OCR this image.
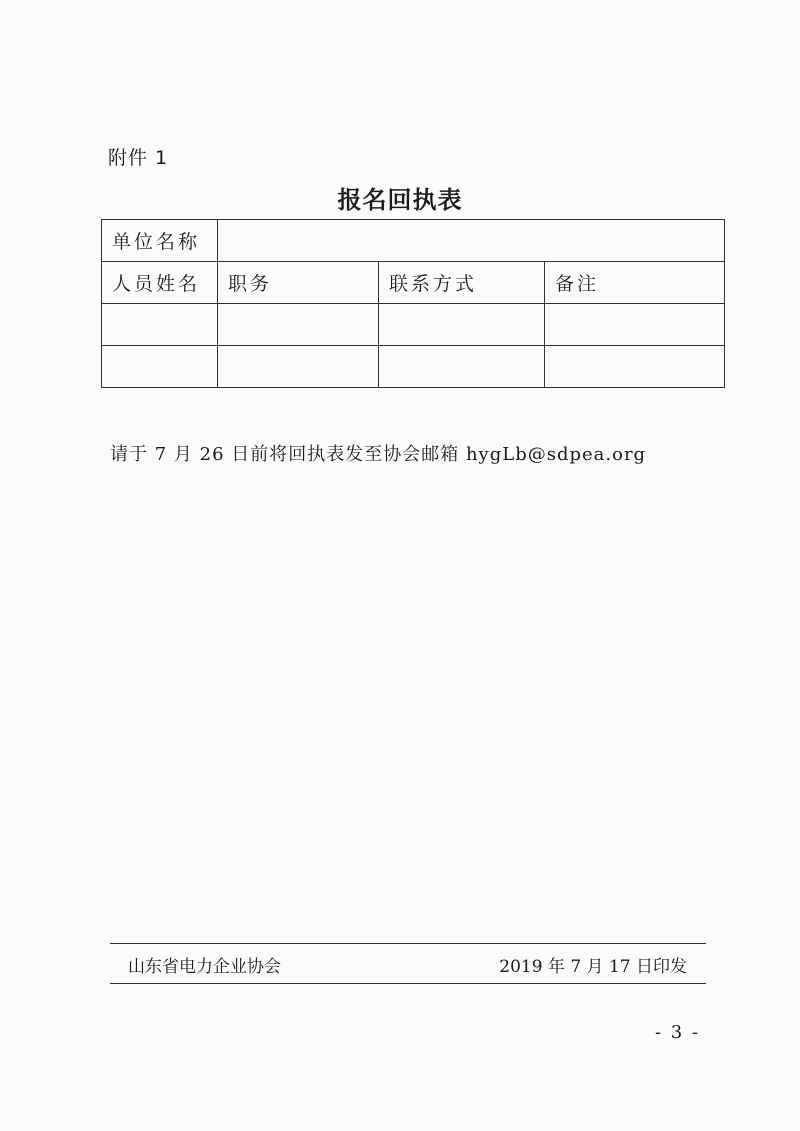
附件 1
报名回执表
单位名称			
人员姓名	职务	联系方式	备注

请于 7 月 26 日前将回执表发至协会邮箱 hygLb@sdpea.org
山东省电力企业协会	2019 年 7 月 17 日印发
- 3 -
